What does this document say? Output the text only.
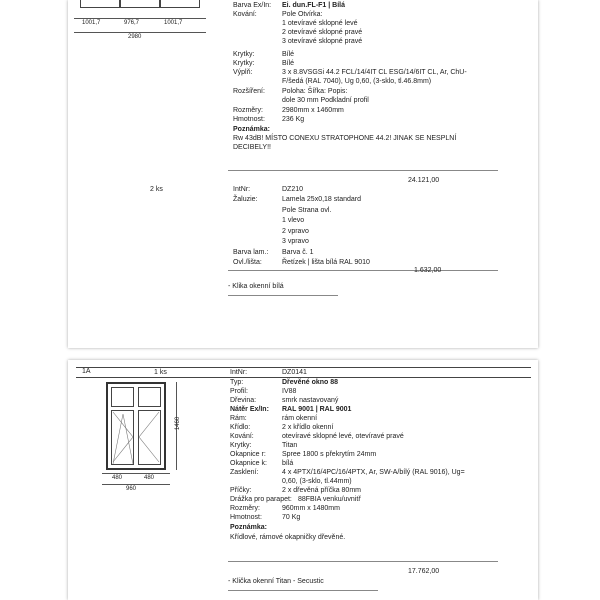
1001,7	976,7	1001,7
2980
Barva Ex/In: Ei. dun.FL-F1 | Bílá
Kování:	Pole Otvírka:
1 otevíravé sklopné levé
2 otevíravé sklopné pravé
3 otevíravé sklopné pravé
Krytky:	Bílé
Krytky:	Bílé
Výplň:	3 x 8.8VSGSi 44.2 FCL/14/4IT CL ESG/14/6IT CL, Ar, ChU-
F/šedá (RAL 7040), Ug 0,60, (3-sklo, tl.46.8mm)
Rozšíření: Poloha: Šířka: Popis:
dole 30 mm Podkladní profil
Rozměry:	2980mm x 1460mm
Hmotnost: 236 Kg
Poznámka:
Rw 43dB! MÍSTO CONEXU STRATOPHONE 44.2! JINAK SE NESPLNÍ
DECIBELY!!
24.121,00
2 ks	IntNr:	DZ210
Žaluzie:	Lamela 25x0,18 standard
Pole Strana ovl.
1 vlevo
2 vpravo
3 vpravo
Barva lam.: Barva č. 1
Ovl./lišta:	Řetízek | lišta bílá RAL 9010
1.632,00
- Klika okenní bílá
1A	1 ks
1460
480	480
960
IntNr:	DZ0141
Typ:	Dřevěné okno 88
Profil:	IV88
Dřevina:	smrk nastavovaný
Nátěr Ex/In: RAL 9001 | RAL 9001
Rám:	rám okenní
Křídlo:	2 x křídlo okenní
Kování:	otevíravé sklopné levé, otevíravé pravé
Krytky:	Titan
Okapnice r: Spree 1800 s překrytím 24mm
Okapnice k: bílá
Zasklení:	4 x 4PTX/16/4PC/16/4PTX, Ar, SW-A/bílý (RAL 9016), Ug=
0,60, (3-sklo, tl.44mm)
Příčky:	2 x dřevěná příčka 80mm
Drážka pro parapet: 88FBIA venku/uvnitř
Rozměry:	960mm x 1480mm
Hmotnost:	70 Kg
Poznámka:
Křídlové, rámové okapničky dřevěné.
17.762,00
- Klička okenní Titan - Secustic
